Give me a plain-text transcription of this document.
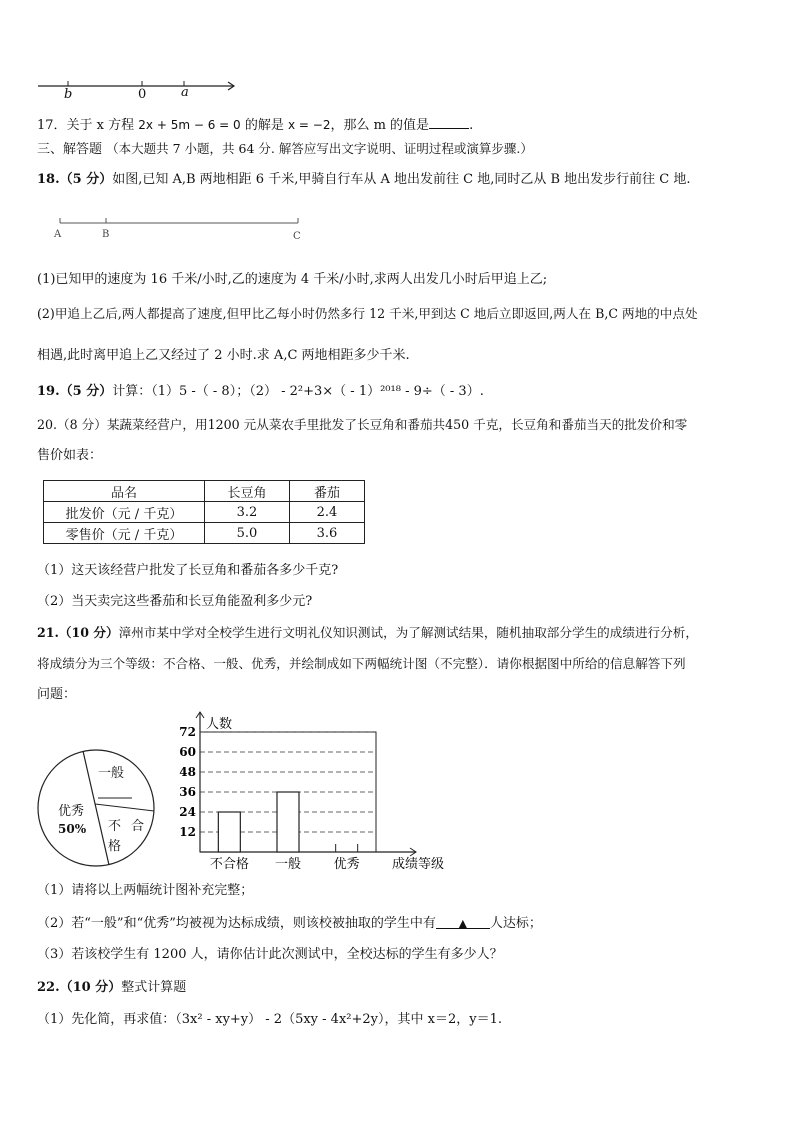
b	0	a
17．关于 x 方程 2x + 5m − 6 = 0 的解是 x = −2，那么 m 的值是	.
三、解答题 （本大题共 7 小题，共 64 分. 解答应写出文字说明、证明过程或演算步骤.）
18.（5 分）如图,已知 A,B 两地相距 6 千米,甲骑自行车从 A 地出发前往 C 地,同时乙从 B 地出发步行前往 C 地.
A	B	C
(1)已知甲的速度为 16 千米/小时,乙的速度为 4 千米/小时,求两人出发几小时后甲追上乙;
(2)甲追上乙后,两人都提高了速度,但甲比乙每小时仍然多行 12 千米,甲到达 C 地后立即返回,两人在 B,C 两地的中点处
相遇,此时离甲追上乙又经过了 2 小时.求 A,C 两地相距多少千米.
19.（5 分）计算：（1）5 -（ - 8）；（2） - 2²+3×（ - 1）²⁰¹⁸ - 9÷（ - 3）.
20.（8 分）某蔬菜经营户，用1200 元从菜农手里批发了长豆角和番茄共450 千克，长豆角和番茄当天的批发价和零
售价如表：
品名	长豆角	番茄
批发价（元 / 千克）	3.2	2.4
零售价（元 / 千克）	5.0	3.6
（1）这天该经营户批发了长豆角和番茄各多少千克?
（2）当天卖完这些番茄和长豆角能盈利多少元?
21.（10 分）漳州市某中学对全校学生进行文明礼仪知识测试，为了解测试结果，随机抽取部分学生的成绩进行分析，
将成绩分为三个等级：不合格、一般、优秀，并绘制成如下两幅统计图（不完整）．请你根据图中所给的信息解答下列
问题：
一般
优秀
50% 不合
格
12
24
36
48
60
72 人数
不合格 一般	优秀 成绩等级
（1）请将以上两幅统计图补充完整；
（2）若“一般”和“优秀”均被视为达标成绩，则该校被抽取的学生中有 ▲ 人达标；
（3）若该校学生有 1200 人，请你估计此次测试中，全校达标的学生有多少人？
22.（10 分）整式计算题
（1）先化简，再求值：（3x² - xy+y） - 2（5xy - 4x²+2y），其中 x＝2，y＝1.
